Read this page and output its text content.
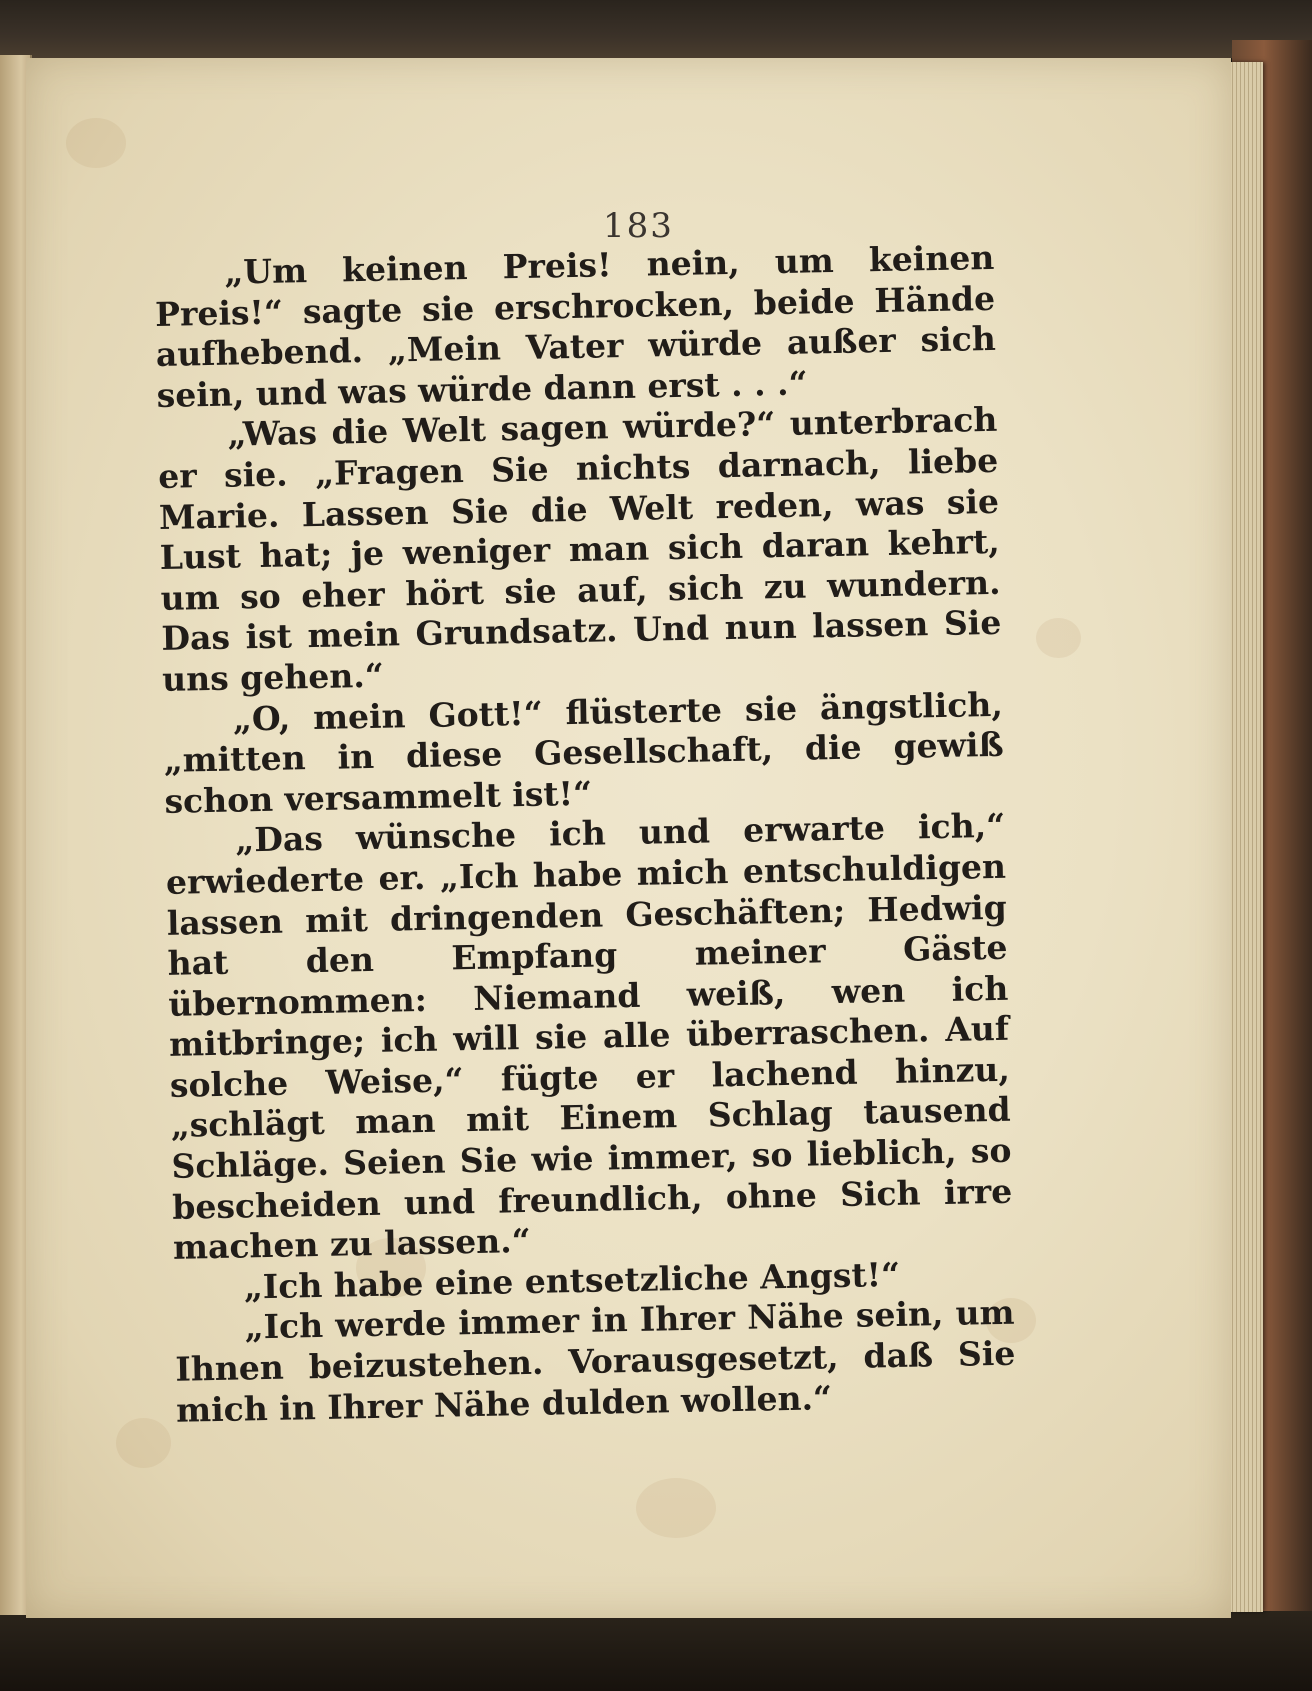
183

„Um keinen Preis! nein, um keinen Preis!“ sagte sie erschrocken, beide Hände aufhebend. „Mein Vater würde außer sich sein, und was würde dann erst . . .“

„Was die Welt sagen würde?“ unterbrach er sie. „Fragen Sie nichts darnach, liebe Marie. Lassen Sie die Welt reden, was sie Lust hat; je weniger man sich daran kehrt, um so eher hört sie auf, sich zu wundern. Das ist mein Grundsatz. Und nun lassen Sie uns gehen.“

„O, mein Gott!“ flüsterte sie ängstlich, „mitten in diese Gesellschaft, die gewiß schon versammelt ist!“

„Das wünsche ich und erwarte ich,“ erwiederte er. „Ich habe mich entschuldigen lassen mit dringenden Geschäften; Hedwig hat den Empfang meiner Gäste übernommen: Niemand weiß, wen ich mitbringe; ich will sie alle überraschen. Auf solche Weise,“ fügte er lachend hinzu, „schlägt man mit Einem Schlag tausend Schläge. Seien Sie wie immer, so lieblich, so bescheiden und freundlich, ohne Sich irre machen zu lassen.“

„Ich habe eine entsetzliche Angst!“

„Ich werde immer in Ihrer Nähe sein, um Ihnen beizustehen. Vorausgesetzt, daß Sie mich in Ihrer Nähe dulden wollen.“
